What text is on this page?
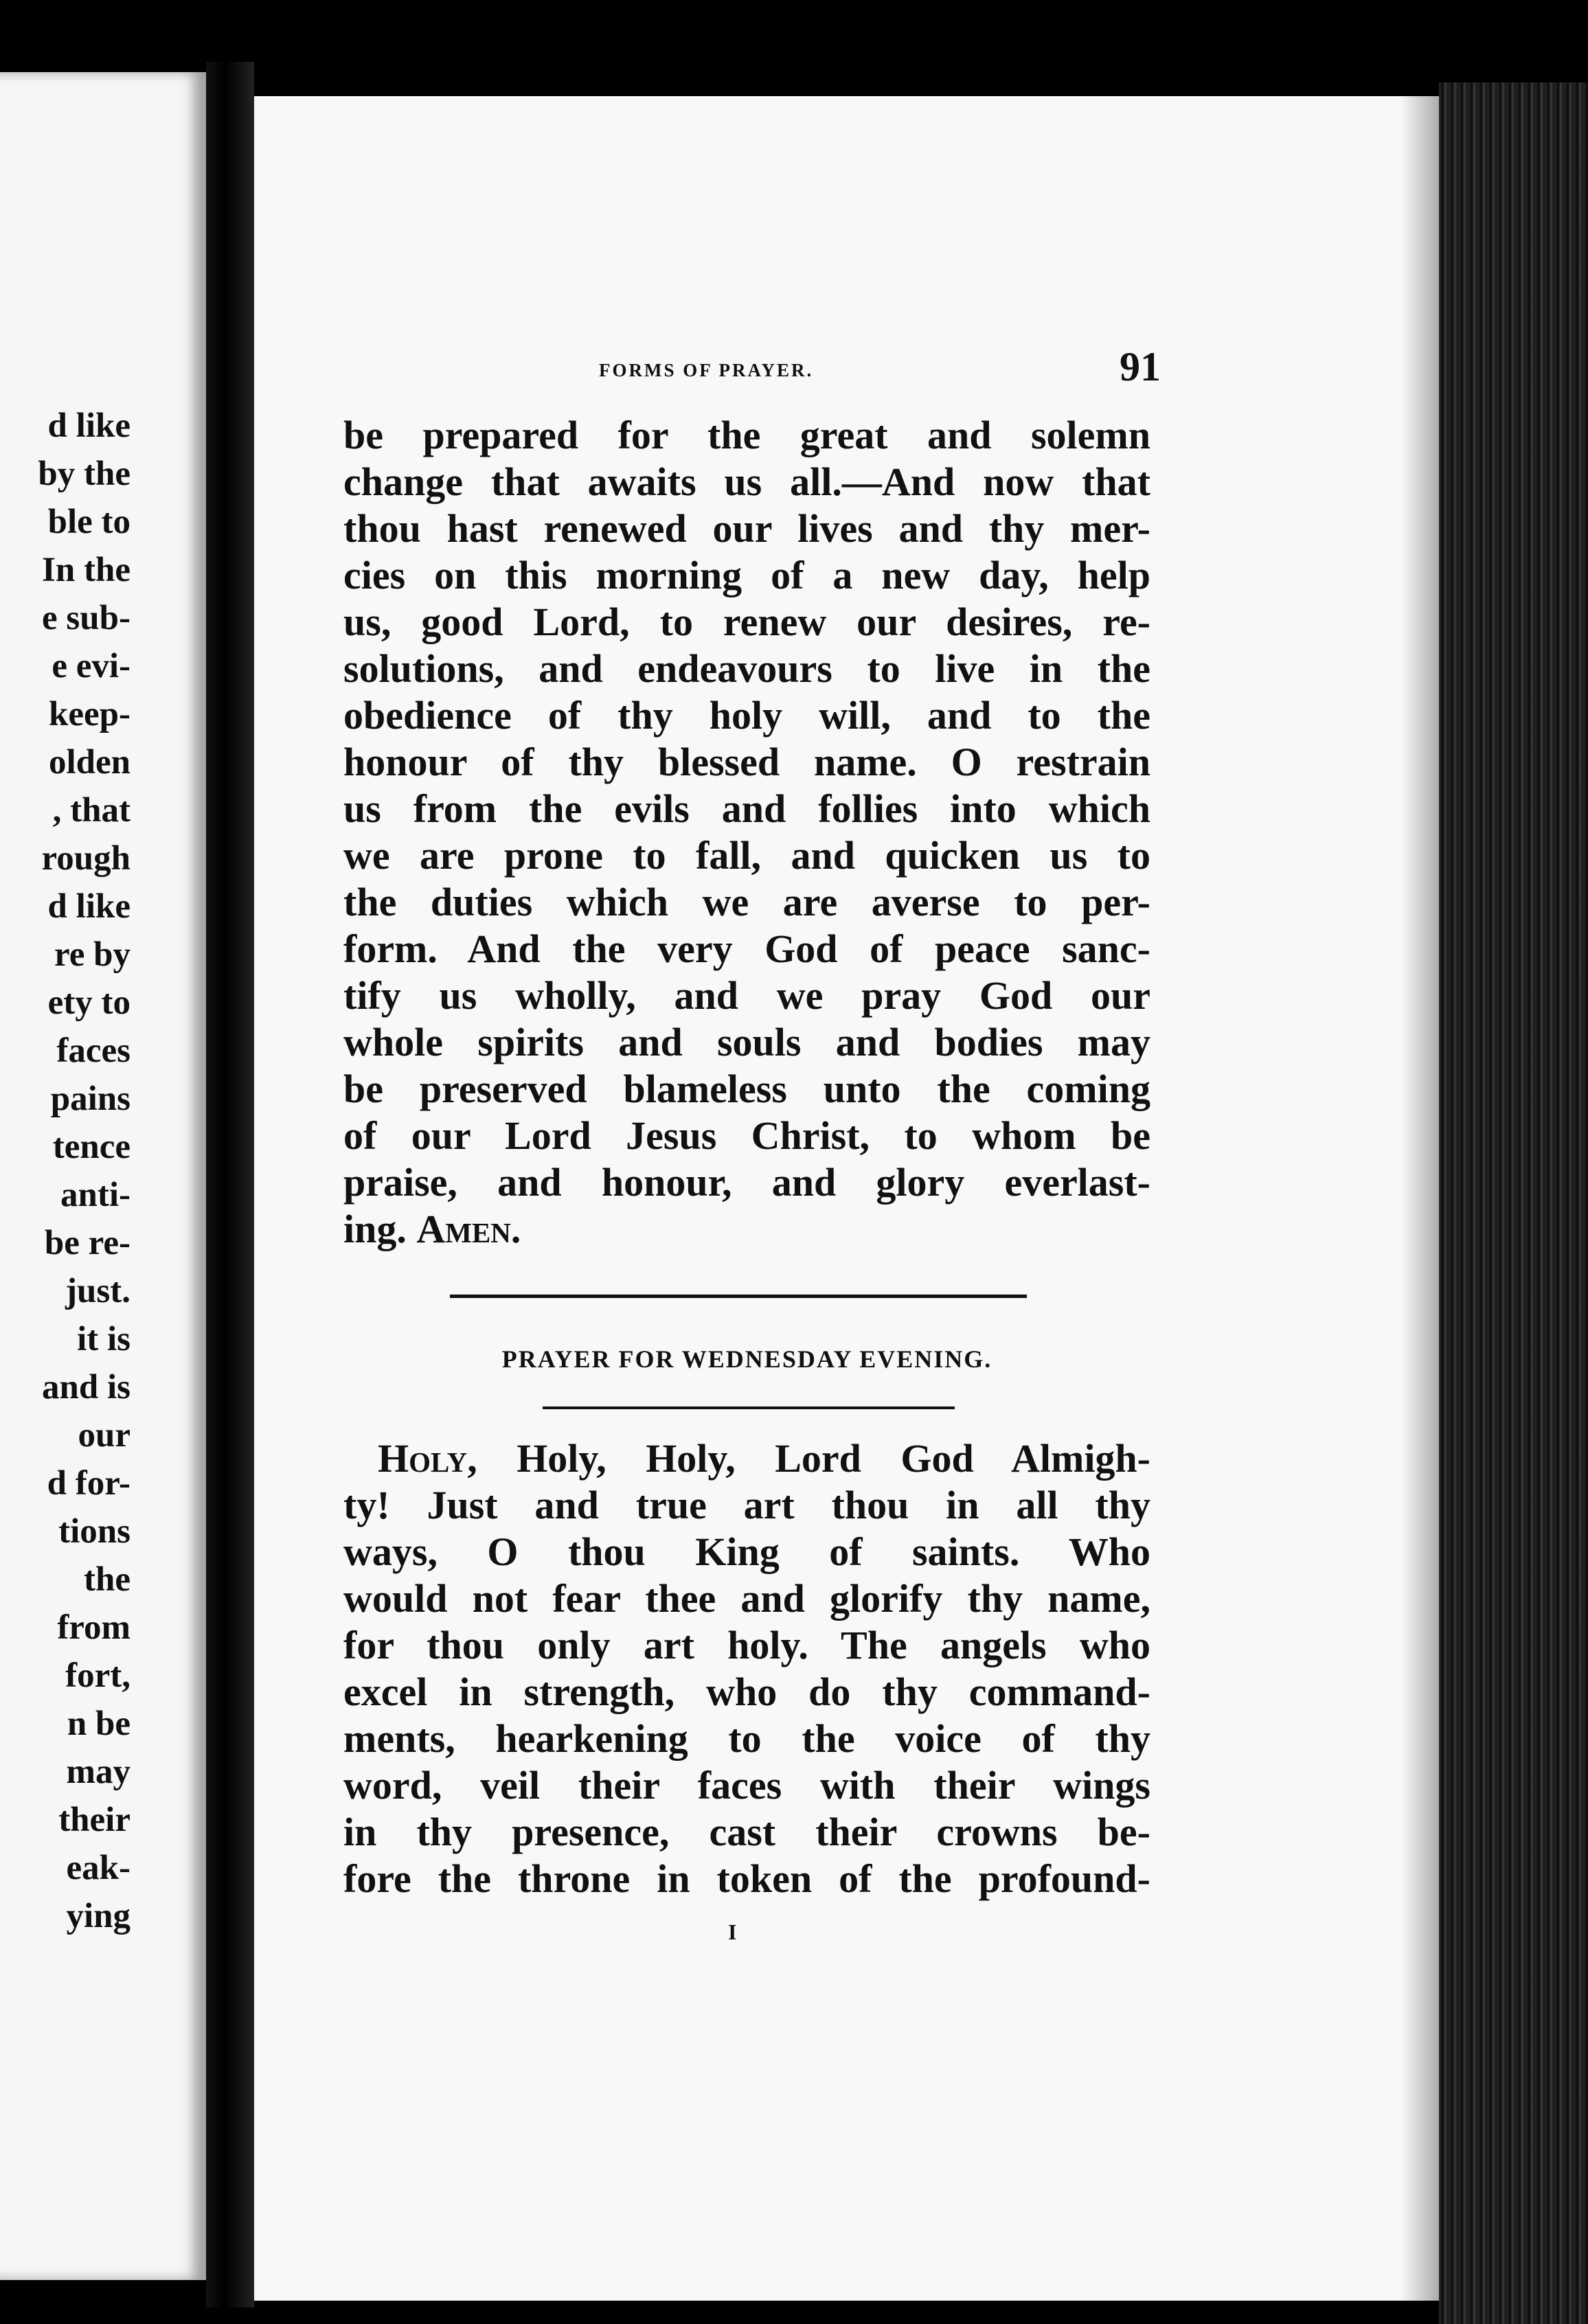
d like
by the
ble to
In the
e sub-
e evi-
keep-
olden
, that
rough
d like
re by
ety to
faces
pains
tence
anti-
be re-
just.
it is
and is
our
d for-
tions
the
from
fort,
n be
may
their
eak-
ying
FORMS OF PRAYER.	91
be prepared for the great and solemn
change that awaits us all.—And now that
thou hast renewed our lives and thy mer-
cies on this morning of a new day, help
us, good Lord, to renew our desires, re-
solutions, and endeavours to live in the
obedience of thy holy will, and to the
honour of thy blessed name. O restrain
us from the evils and follies into which
we are prone to fall, and quicken us to
the duties which we are averse to per-
form. And the very God of peace sanc-
tify us wholly, and we pray God our
whole spirits and souls and bodies may
be preserved blameless unto the coming
of our Lord Jesus Christ, to whom be
praise, and honour, and glory everlast-
ing. Amen.
PRAYER FOR WEDNESDAY EVENING.
Holy, Holy, Holy, Lord God Almigh-
ty! Just and true art thou in all thy
ways, O thou King of saints. Who
would not fear thee and glorify thy name,
for thou only art holy. The angels who
excel in strength, who do thy command-
ments, hearkening to the voice of thy
word, veil their faces with their wings
in thy presence, cast their crowns be-
fore the throne in token of the profound-
I
